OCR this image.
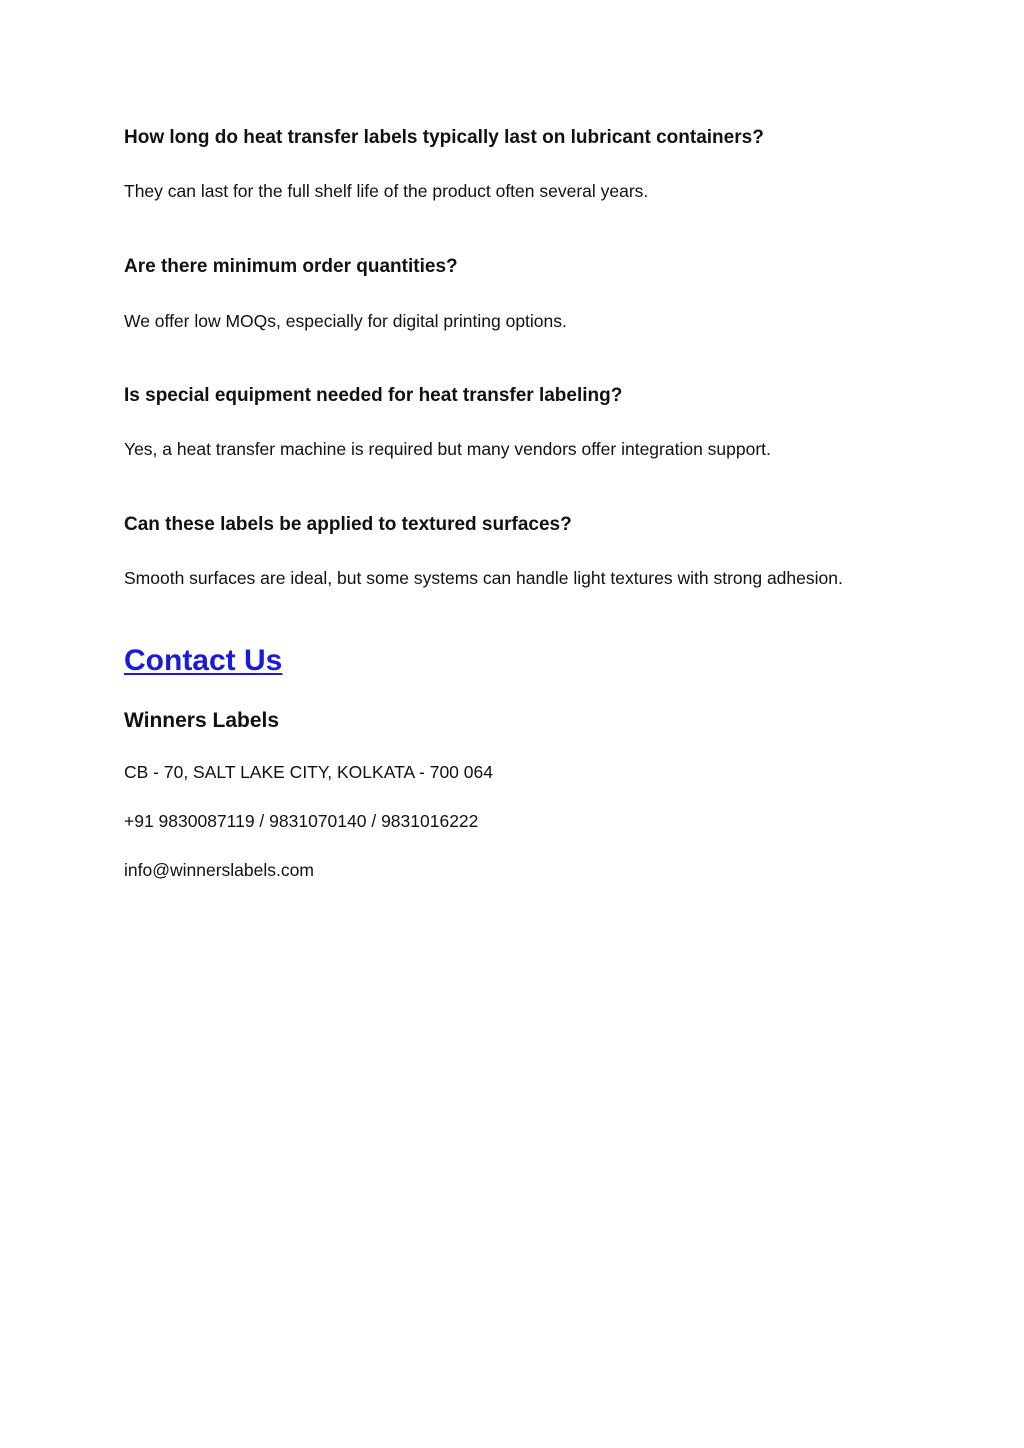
How long do heat transfer labels typically last on lubricant containers?

They can last for the full shelf life of the product often several years.

Are there minimum order quantities?

We offer low MOQs, especially for digital printing options.

Is special equipment needed for heat transfer labeling?

Yes, a heat transfer machine is required but many vendors offer integration support.

Can these labels be applied to textured surfaces?

Smooth surfaces are ideal, but some systems can handle light textures with strong adhesion.

Contact Us

Winners Labels

CB - 70, SALT LAKE CITY, KOLKATA - 700 064

+91 9830087119 / 9831070140 / 9831016222

info@winnerslabels.com
